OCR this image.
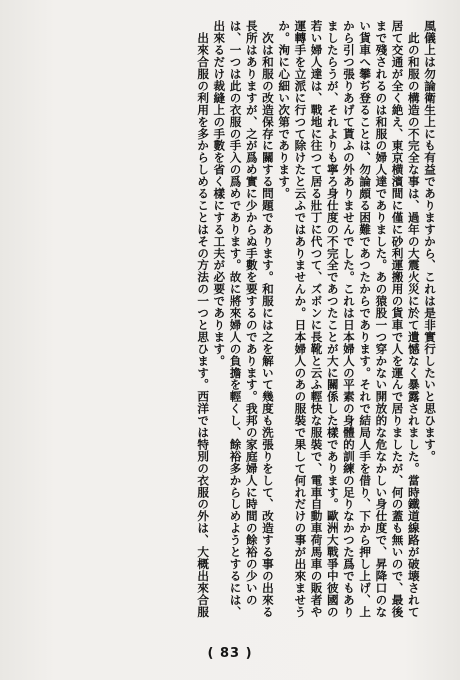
風儀上は勿論衛生上にも有益でありますから、これは是非實行したいと思ひます。

　此の和服の構造の不完全な事は、過年の大震火災に於て遺憾なく暴露されました。當時鐵道線路が破壊されて居て交通が全く絶え、東京横濱間に僅に砂利運搬用の貨車で人を運んで居りましたが、何の蓋も無いので、最後まで殘されるのは和服の婦人達でありました。あの猿股一つ穿かない開放的な危なかしい身仕度で、昇降口のない貨車へ攀ぢ登ることは、勿論頗る困難であつたからであります。それで結局人手を借り、下から押し上げ、上から引つ張りあげて貰ふの外ありませんでした。これは日本婦人の平素の身體的訓練の足りなかつた爲でもありましたらうが、それよりも寧ろ身仕度の不完全であつたことが大に關係した樣であります。歐洲大戰爭中彼國の若い婦人達は、戰地に往つて居る壯丁に代つて、ズボンに長靴と云ふ輕快な服裝で、電車自動車荷馬車の販者や運轉手を立派に行つて除けたと云ふではありませんか。日本婦人のあの服裝で果して何れだけの事が出來ませうか。洵に心細い次第であります。

　次は和服の改造保存に關する問題であります。和服には之を解いて幾度も洗張りをして、改造する事の出來る長所はありますが、之が爲め實に少からぬ手數を要するのであります。我邦の家庭婦人に時間の餘裕の少いのは、一つは此の衣服の手入の爲めであります。故に將來婦人の負擔を輕くし、餘裕多からしめようとするには、出來るだけ裁縫上の手數を省く樣にする工夫が必要であります。

　出來合服の利用を多からしめることはその方法の一つと思ひます。西洋では特別の衣服の外は、大概出來合服

( 83 )
